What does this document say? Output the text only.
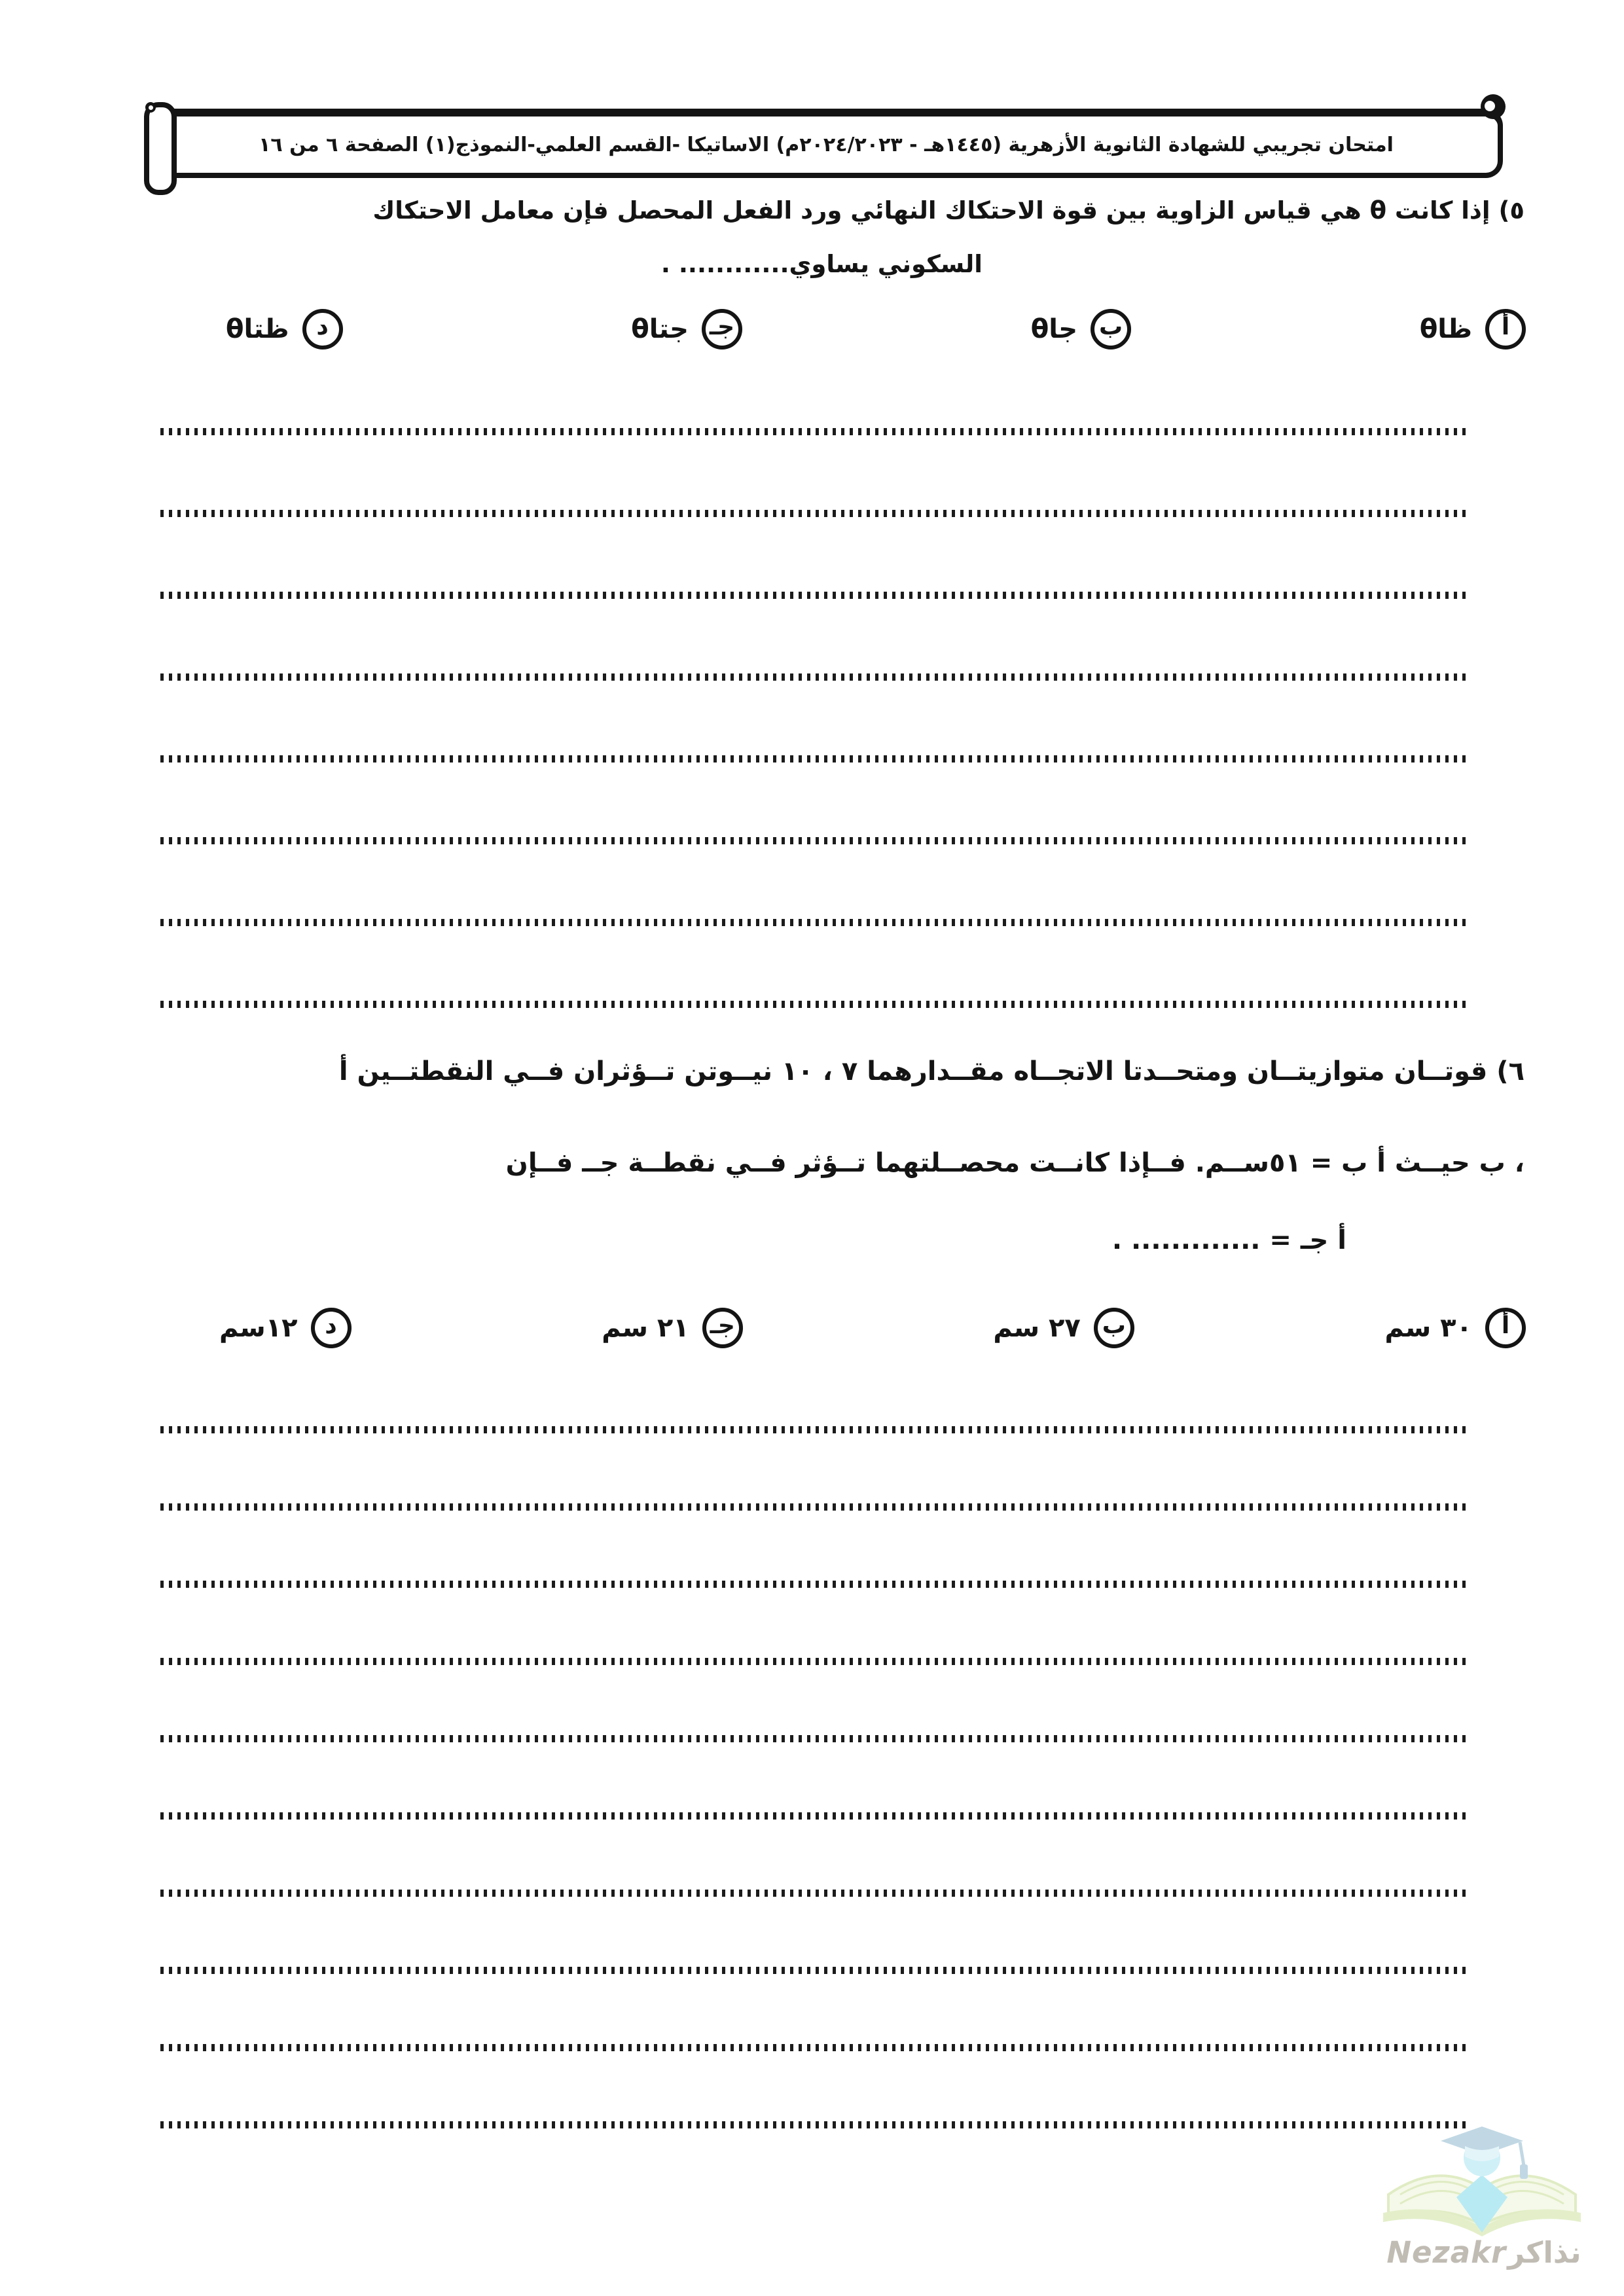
امتحان تجريبي للشهادة الثانوية الأزهرية (١٤٤٥هـ - ٢٠٢٤/٢٠٢٣م) الاساتيكا -القسم العلمي-النموذج(١) الصفحة ٦ من ١٦
٥) إذا كانت θ هي قياس الزاوية بين قوة الاحتكاك النهائي ورد الفعل المحصل فإن معامل الاحتكاك
السكوني يساوي............ .
أ
ظاθ
ب
جاθ
جـ
جتاθ
د
ظتاθ
٦) قوتــان متوازيتــان ومتحــدتا الاتجــاه مقــدارهما ٧ ، ١٠ نيــوتن تــؤثران فــي النقطتــين أ
، ب حيــث أ ب = ٥١ســم. فــإذا كانــت محصــلتهما تــؤثر فــي نقطــة جــ فــإن
أ جـ = ............. .
أ
٣٠ سم
ب
٢٧ سم
جـ
٢١ سم
د
١٢سم
نذاكر
Nezakr
